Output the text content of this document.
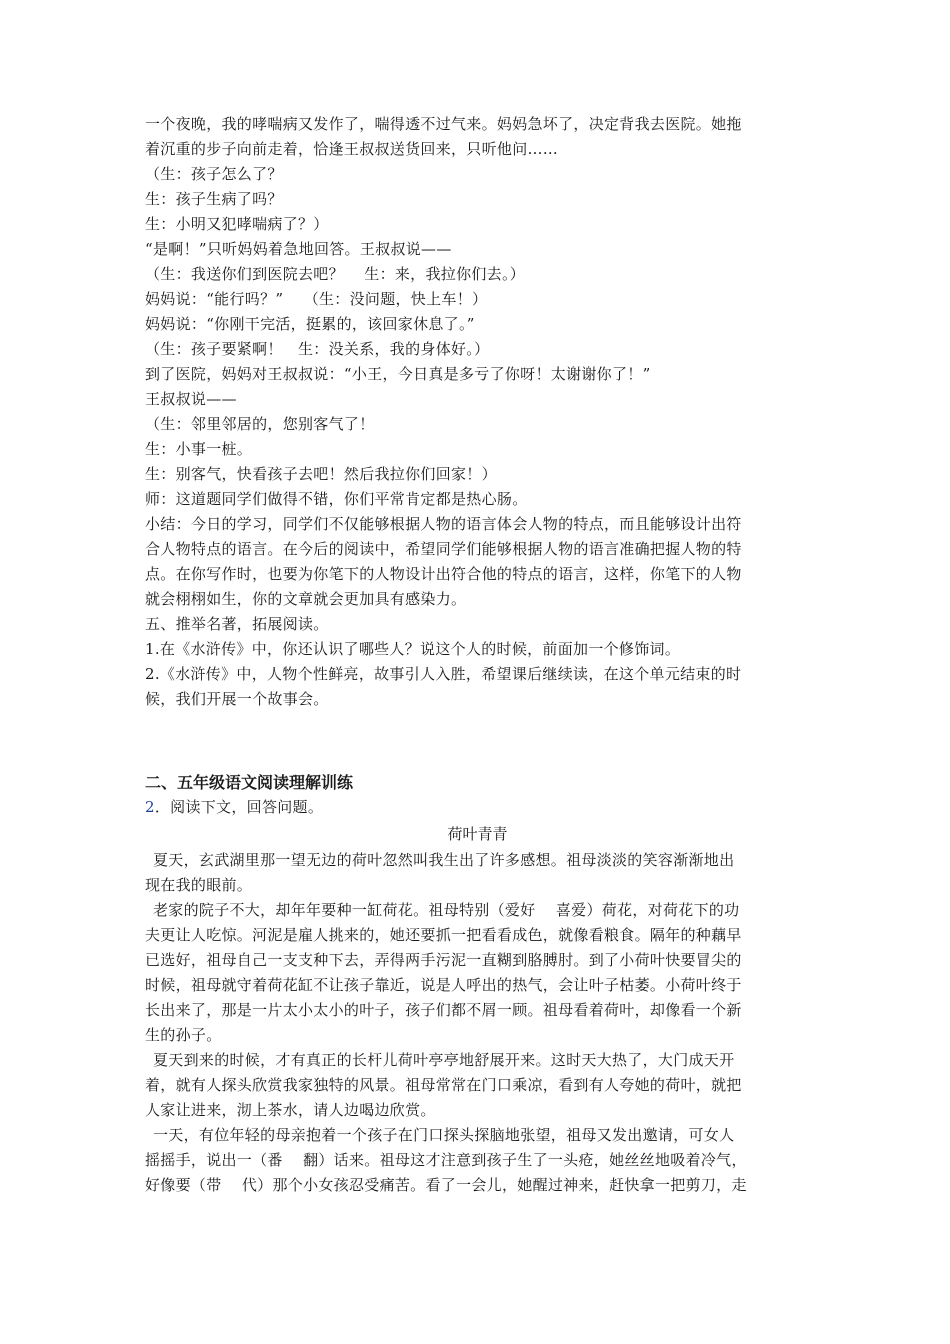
一个夜晚，我的哮喘病又发作了，喘得透不过气来。妈妈急坏了，决定背我去医院。她拖
着沉重的步子向前走着，恰逢王叔叔送货回来，只听他问……
（生：孩子怎么了？
生：孩子生病了吗？
生：小明又犯哮喘病了？）
“是啊！”只听妈妈着急地回答。王叔叔说——
（生：我送你们到医院去吧？　 生：来，我拉你们去。）
妈妈说：“能行吗？”　 （生：没问题，快上车！）
妈妈说：“你刚干完活，挺累的，该回家休息了。”
（生：孩子要紧啊！　生：没关系，我的身体好。）
到了医院，妈妈对王叔叔说：“小王，今日真是多亏了你呀！太谢谢你了！”
王叔叔说——
（生：邻里邻居的，您别客气了！
生：小事一桩。
生：别客气，快看孩子去吧！然后我拉你们回家！）
师：这道题同学们做得不错，你们平常肯定都是热心肠。
小结：今日的学习，同学们不仅能够根据人物的语言体会人物的特点，而且能够设计出符
合人物特点的语言。在今后的阅读中，希望同学们能够根据人物的语言准确把握人物的特
点。在你写作时，也要为你笔下的人物设计出符合他的特点的语言，这样，你笔下的人物
就会栩栩如生，你的文章就会更加具有感染力。
五、推举名著，拓展阅读。
1.在《水浒传》中，你还认识了哪些人？说这个人的时候，前面加一个修饰词。
2.《水浒传》中，人物个性鲜亮，故事引人入胜，希望课后继续读，在这个单元结束的时
候，我们开展一个故事会。
二、五年级语文阅读理解训练
2．阅读下文，回答问题。
荷叶青青
夏天，玄武湖里那一望无边的荷叶忽然叫我生出了许多感想。祖母淡淡的笑容渐渐地出
现在我的眼前。
老家的院子不大，却年年要种一缸荷花。祖母特别（爱好　 喜爱）荷花，对荷花下的功
夫更让人吃惊。河泥是雇人挑来的，她还要抓一把看看成色，就像看粮食。隔年的种藕早
已选好，祖母自己一支支种下去，弄得两手污泥一直糊到胳膊肘。到了小荷叶快要冒尖的
时候，祖母就守着荷花缸不让孩子靠近，说是人呼出的热气，会让叶子枯萎。小荷叶终于
长出来了，那是一片太小太小的叶子，孩子们都不屑一顾。祖母看着荷叶，却像看一个新
生的孙子。
夏天到来的时候，才有真正的长杆儿荷叶亭亭地舒展开来。这时天大热了，大门成天开
着，就有人探头欣赏我家独特的风景。祖母常常在门口乘凉，看到有人夸她的荷叶，就把
人家让进来，沏上茶水，请人边喝边欣赏。
一天，有位年轻的母亲抱着一个孩子在门口探头探脑地张望，祖母又发出邀请，可女人
摇摇手，说出一（番　 翻）话来。祖母这才注意到孩子生了一头疮，她丝丝地吸着冷气，
好像要（带　 代）那个小女孩忍受痛苦。看了一会儿，她醒过神来，赶快拿一把剪刀，走
